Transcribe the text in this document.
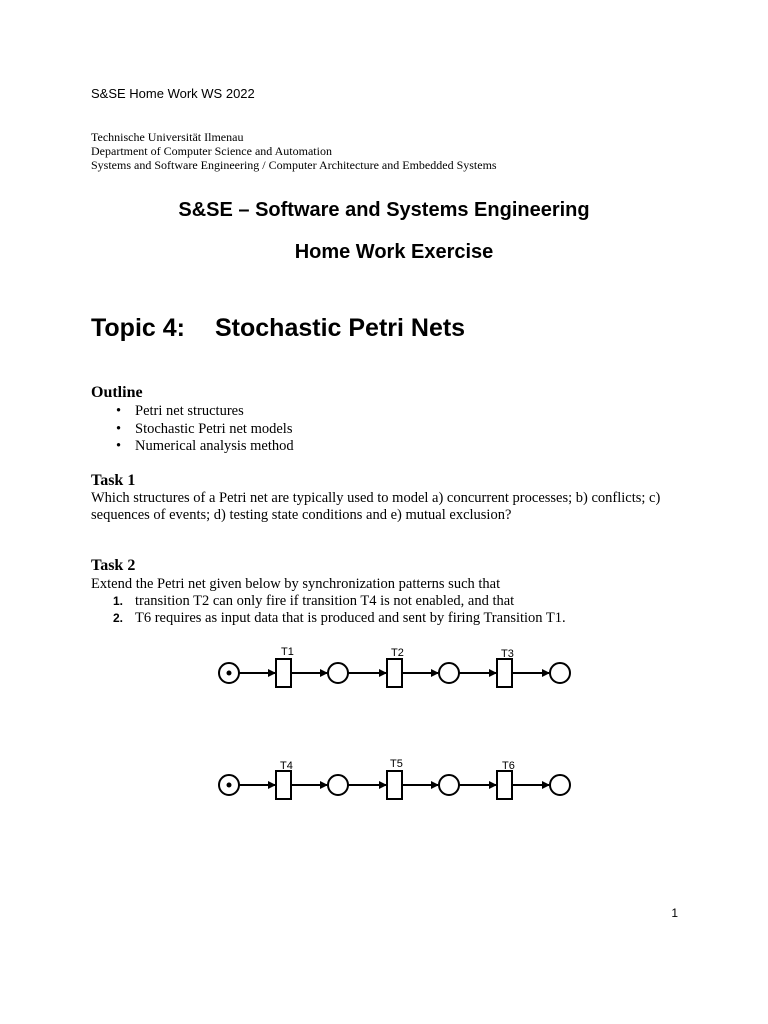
S&SE Home Work WS 2022
Technische Universität Ilmenau
Department of Computer Science and Automation
Systems and Software Engineering / Computer Architecture and Embedded Systems
S&SE – Software and Systems Engineering
Home Work Exercise
Topic 4: Stochastic Petri Nets
Outline
• Petri net structures
• Stochastic Petri net models
• Numerical analysis method
Task 1
Which structures of a Petri net are typically used to model a) concurrent processes; b) conflicts; c) sequences of events; d) testing state conditions and e) mutual exclusion?
Task 2
Extend the Petri net given below by synchronization patterns such that
1. transition T2 can only fire if transition T4 is not enabled, and that
2. T6 requires as input data that is produced and sent by firing Transition T1.
T1	T2	T3
T4	T5	T6
1
